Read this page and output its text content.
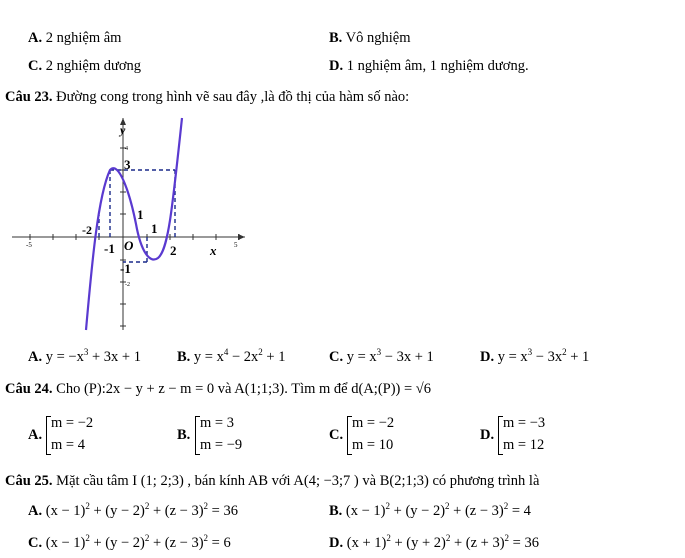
A. 2 nghiệm âm	B. Vô nghiệm
C. 2 nghiệm dương	D. 1 nghiệm âm, 1 nghiệm dương.
Câu 23. Đường cong trong hình vẽ sau đây ,là đồ thị của hàm số nào:
y
x
O
3
1
1
2
-2
-1
-1
5
-5
4
-2
A. $y = -x^3 + 3x + 1$ B. $y = x^4 - 2x^2 + 1$	C. $y = x^3 - 3x + 1$	D. $y = x^3 - 3x^2 + 1$
Câu 24. Cho (P):2x − y + z − m = 0 và A(1;1;3). Tìm m để d(A;(P)) = √6
A.
m = −2
m = 4
B.
m = 3
m = −9
C.
m = −2
m = 10
D.
m = −3
m = 12
Câu 25. Mặt cầu tâm I (1; 2;3) , bán kính AB với A(4; −3;7 ) và B(2;1;3) có phương trình là
A. $(x - 1)^2 + (y - 2)^2 + (z - 3)^2 = 36$	B. $(x - 1)^2 + (y - 2)^2 + (z - 3)^2 = 4$
C. $(x - 1)^2 + (y - 2)^2 + (z - 3)^2 = 6$	D. $(x + 1)^2 + (y + 2)^2 + (z + 3)^2 = 36$
